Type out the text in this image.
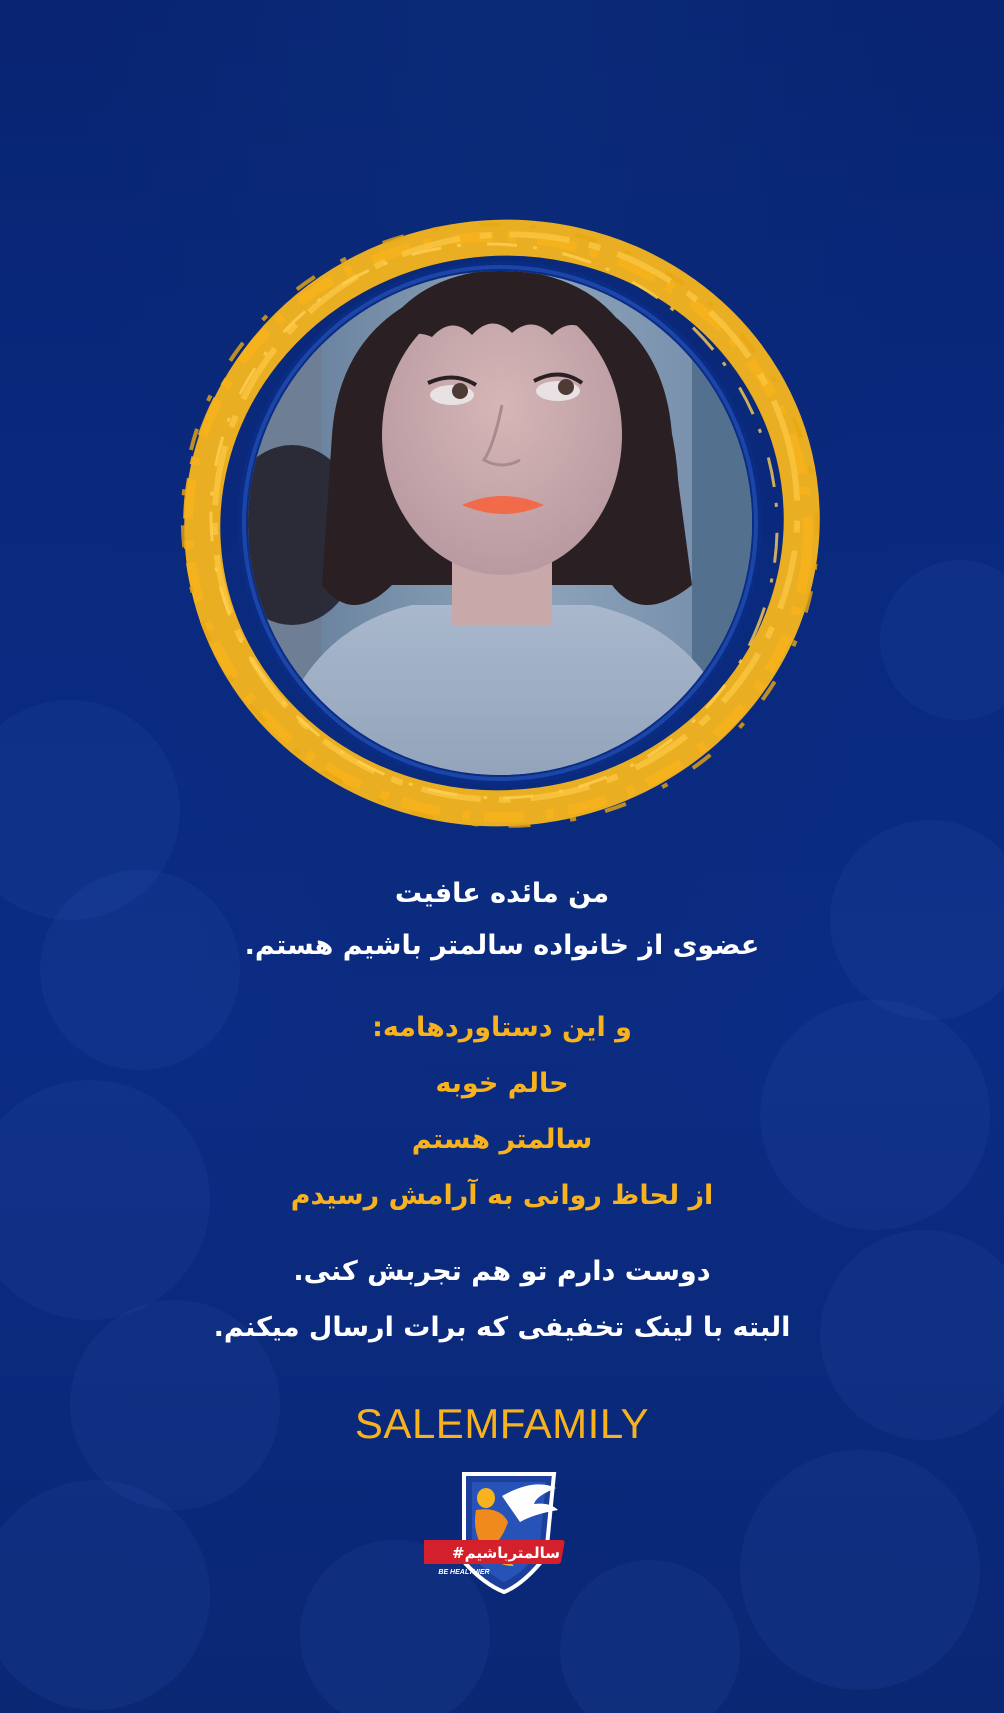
من مائده عافیت
عضوی از خانواده سالمتر باشیم هستم.
و این دستاوردهامه:
حالم خوبه
سالمتر هستم
از لحاظ روانی به آرامش رسیدم
دوست دارم تو هم تجربش کنی.
البته با لینک تخفیفی که برات ارسال میکنم.
SALEMFAMILY
#سالمترباشیم
BE HEALTHIER
